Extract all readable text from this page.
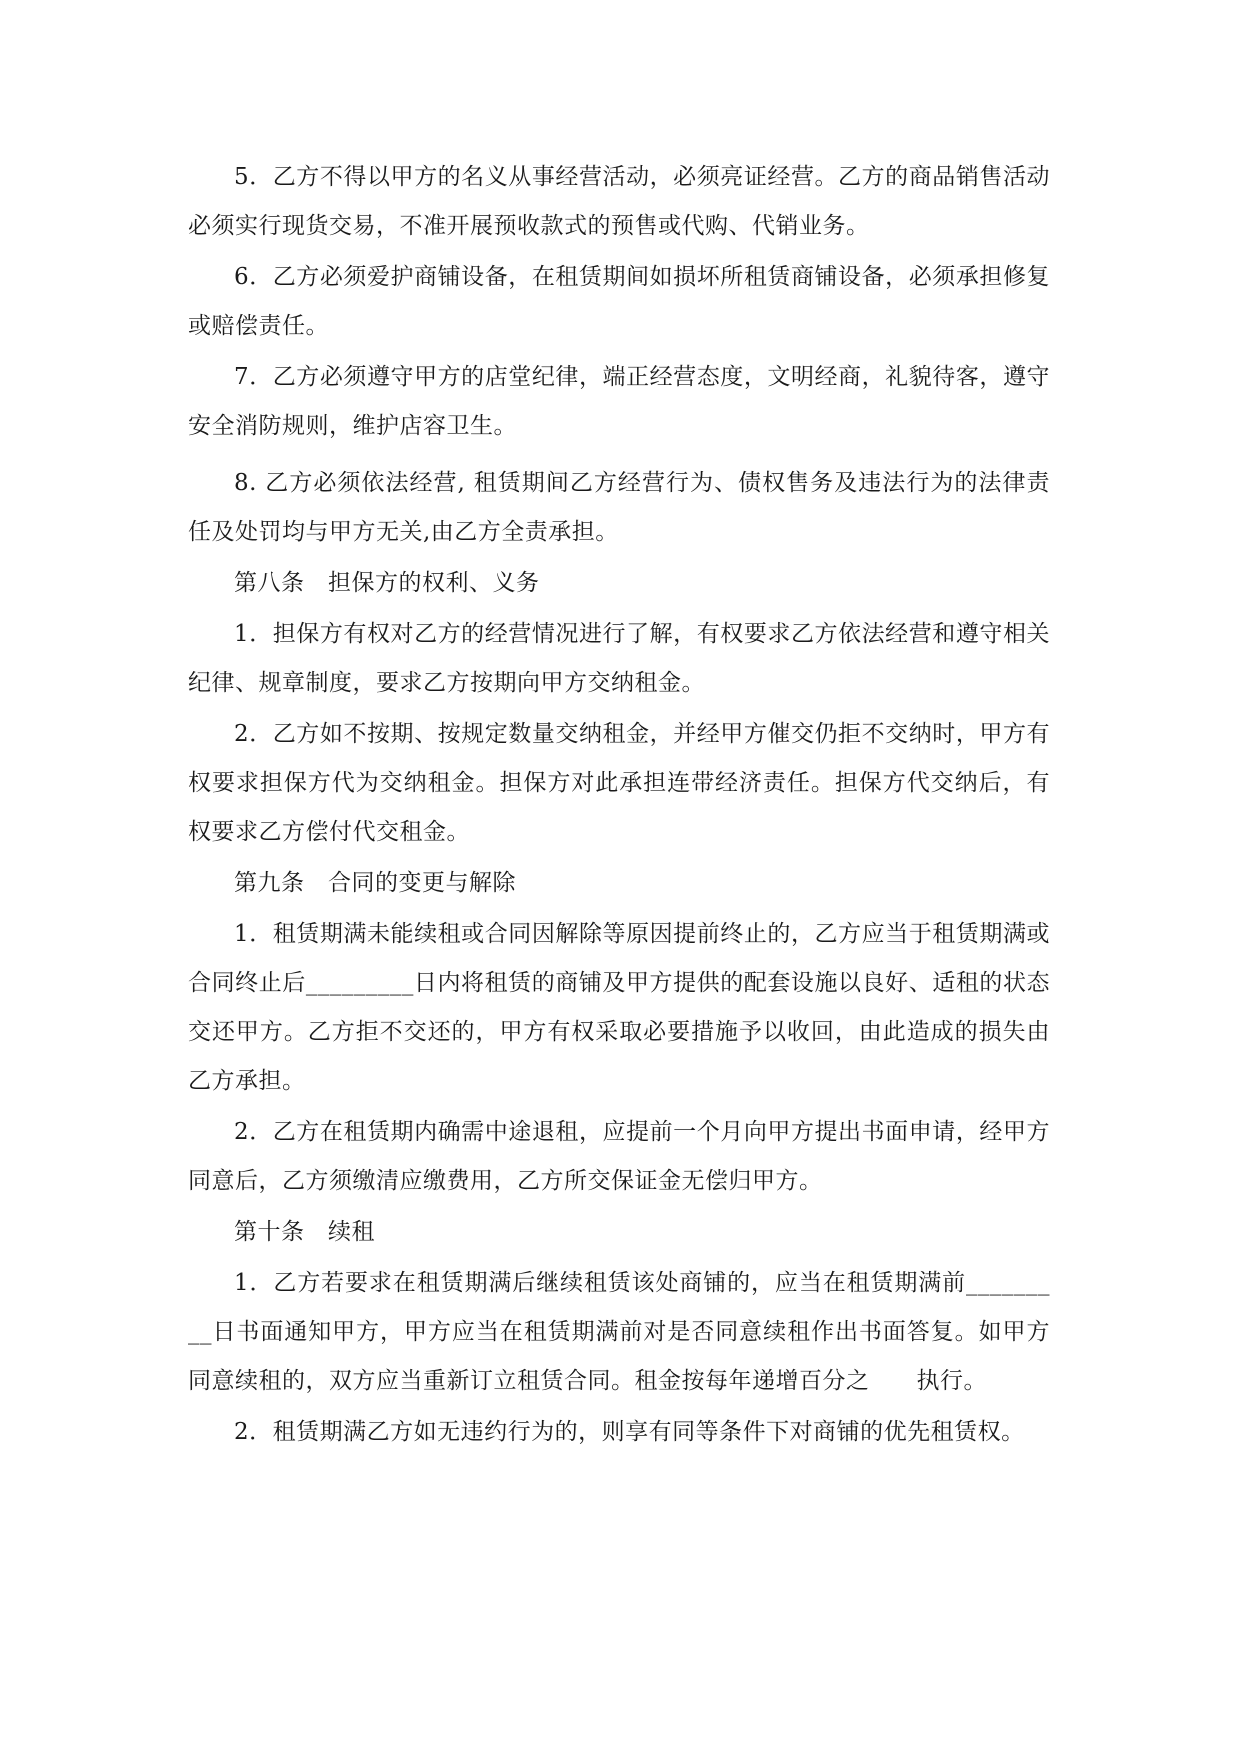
5．乙方不得以甲方的名义从事经营活动，必须亮证经营。乙方的商品销售活动必须实行现货交易，不准开展预收款式的预售或代购、代销业务。

6．乙方必须爱护商铺设备，在租赁期间如损坏所租赁商铺设备，必须承担修复或赔偿责任。

7．乙方必须遵守甲方的店堂纪律，端正经营态度，文明经商，礼貌待客，遵守安全消防规则，维护店容卫生。

8. 乙方必须依法经营, 租赁期间乙方经营行为、债权售务及违法行为的法律责任及处罚均与甲方无关,由乙方全责承担。

第八条　担保方的权利、义务

1．担保方有权对乙方的经营情况进行了解，有权要求乙方依法经营和遵守相关纪律、规章制度，要求乙方按期向甲方交纳租金。

2．乙方如不按期、按规定数量交纳租金，并经甲方催交仍拒不交纳时，甲方有权要求担保方代为交纳租金。担保方对此承担连带经济责任。担保方代交纳后，有权要求乙方偿付代交租金。

第九条　合同的变更与解除

1．租赁期满未能续租或合同因解除等原因提前终止的，乙方应当于租赁期满或合同终止后_________日内将租赁的商铺及甲方提供的配套设施以良好、适租的状态交还甲方。乙方拒不交还的，甲方有权采取必要措施予以收回，由此造成的损失由乙方承担。

2．乙方在租赁期内确需中途退租，应提前一个月向甲方提出书面申请，经甲方同意后，乙方须缴清应缴费用，乙方所交保证金无偿归甲方。

第十条　续租

1．乙方若要求在租赁期满后继续租赁该处商铺的，应当在租赁期满前_________日书面通知甲方，甲方应当在租赁期满前对是否同意续租作出书面答复。如甲方同意续租的，双方应当重新订立租赁合同。租金按每年递增百分之　　执行。

2．租赁期满乙方如无违约行为的，则享有同等条件下对商铺的优先租赁权。
